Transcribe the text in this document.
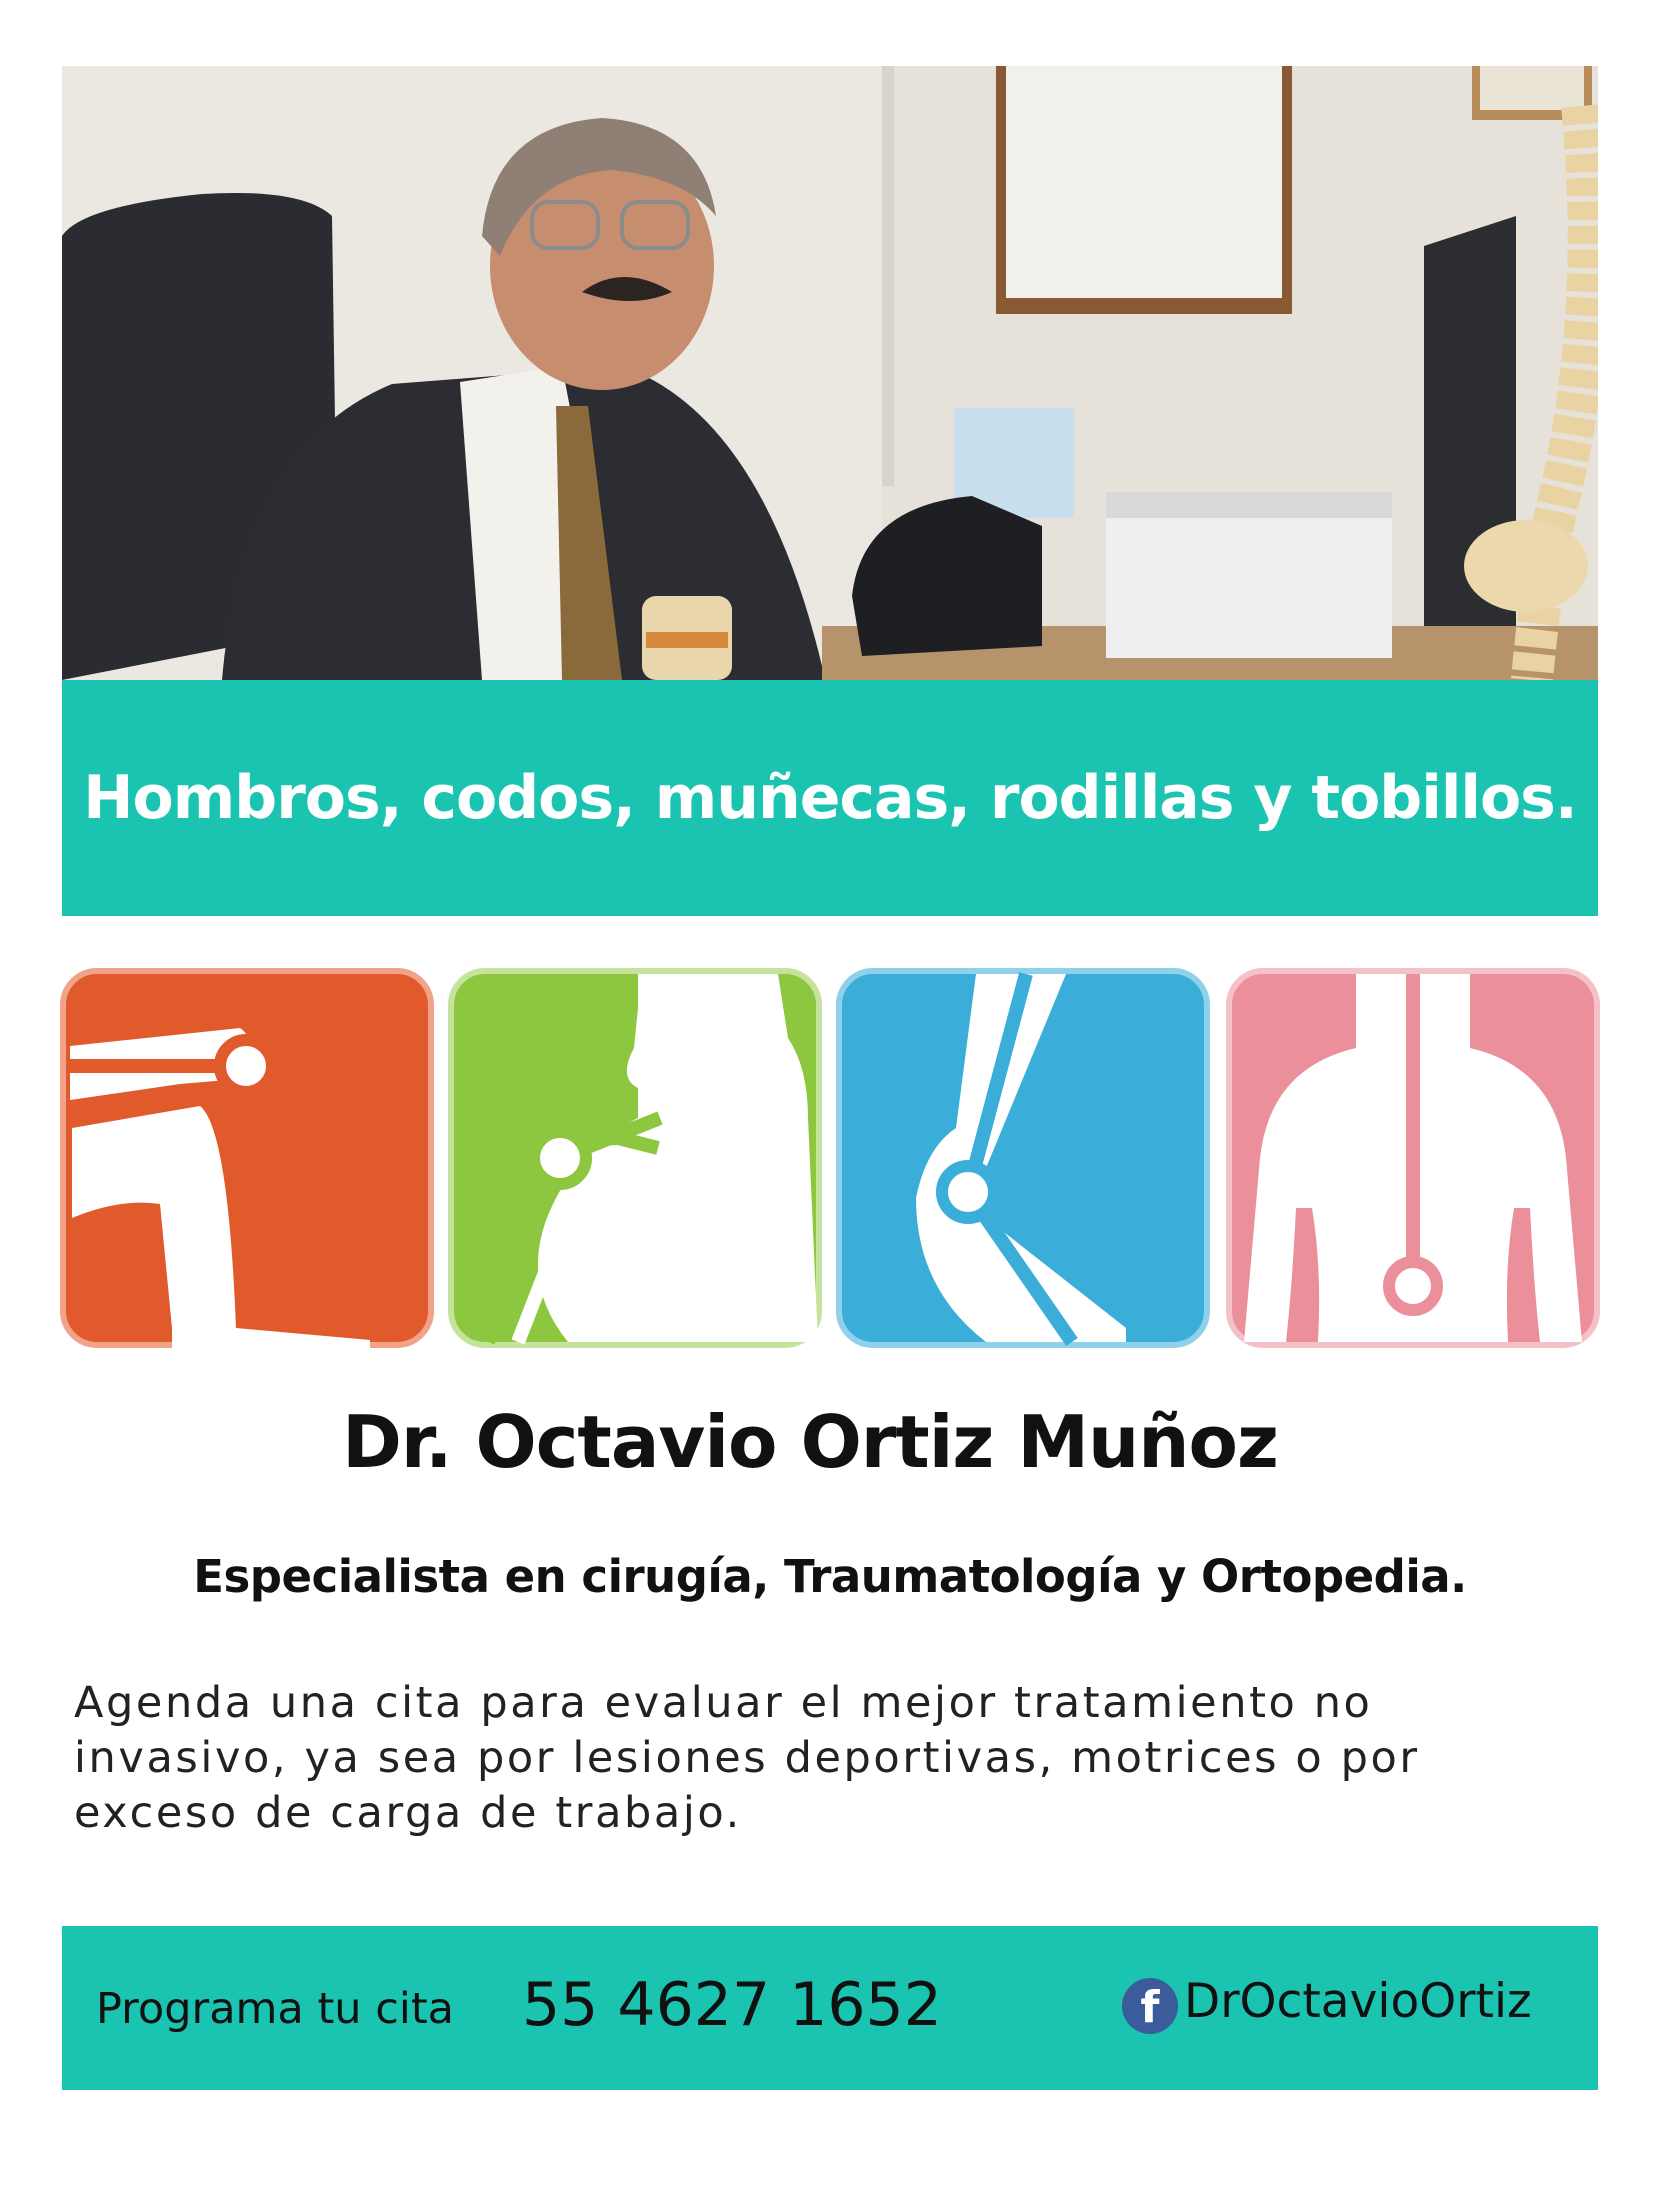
Hombros, codos, muñecas, rodillas y tobillos.
Dr. Octavio Ortiz Muñoz
Especialista en cirugía, Traumatología y Ortopedia.

Agenda una cita para evaluar el mejor tratamiento no invasivo, ya sea por lesiones deportivas, motrices o por exceso de carga de trabajo.

Programa tu cita 55 4627 1652	f DrOctavioOrtiz
